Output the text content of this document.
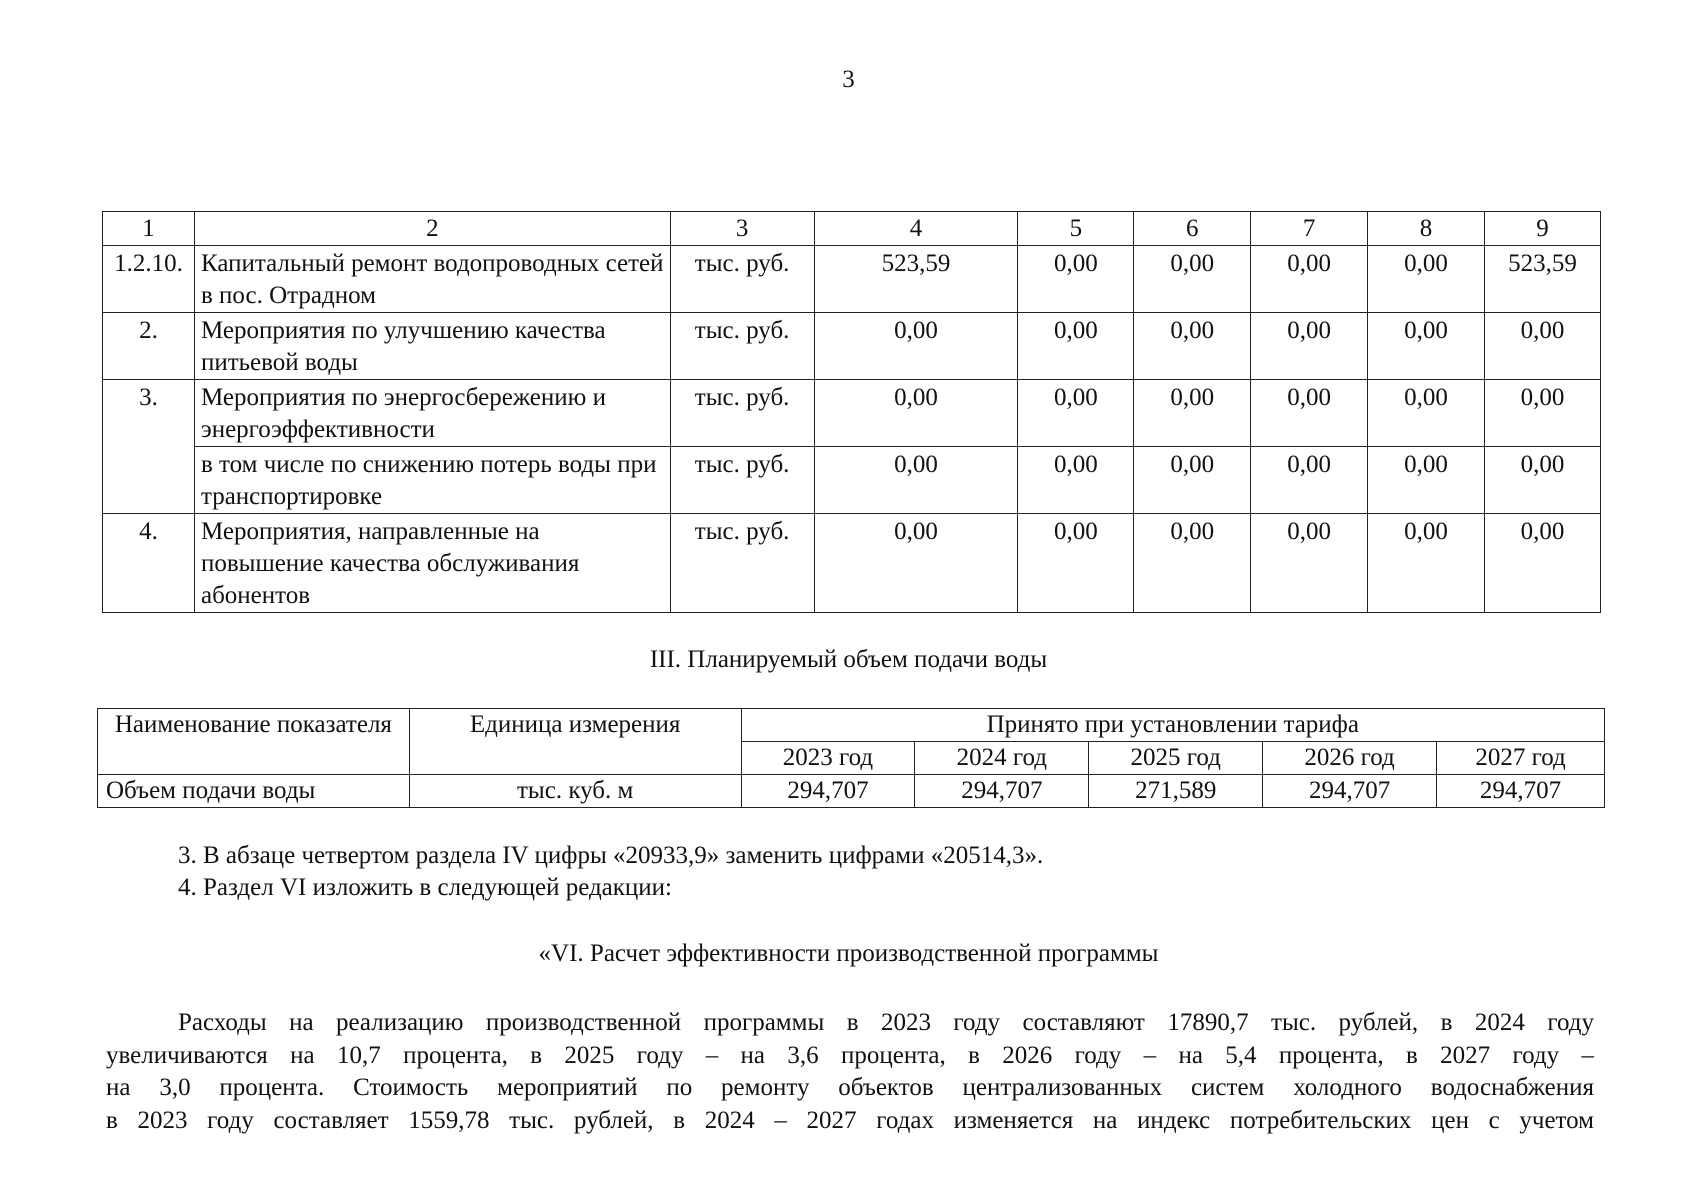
3
1	2	3	4	5	6	7	8	9
1.2.10.	Капитальный ремонт водопроводных сетей в пос. Отрадном	тыс. руб.	523,59	0,00	0,00	0,00	0,00	523,59
2.	Мероприятия по улучшению качества питьевой воды	тыс. руб.	0,00	0,00	0,00	0,00	0,00	0,00
3.	Мероприятия по энергосбережению и энергоэффективности	тыс. руб.	0,00	0,00	0,00	0,00	0,00	0,00
	в том числе по снижению потерь воды при транспортировке	тыс. руб.	0,00	0,00	0,00	0,00	0,00	0,00
4.	Мероприятия, направленные на повышение качества обслуживания абонентов	тыс. руб.	0,00	0,00	0,00	0,00	0,00	0,00
III. Планируемый объем подачи воды
Наименование показателя	Единица измерения	Принято при установлении тарифа				
		2023 год	2024 год	2025 год	2026 год	2027 год
Объем подачи воды	тыс. куб. м	294,707	294,707	271,589	294,707	294,707
3. В абзаце четвертом раздела IV цифры «20933,9» заменить цифрами «20514,3».
4. Раздел VI изложить в следующей редакции:
«VI. Расчет эффективности производственной программы
Расходы на реализацию производственной программы в 2023 году составляют 17890,7 тыс. рублей, в 2024 году
увеличиваются на 10,7 процента, в 2025 году – на 3,6 процента, в 2026 году – на 5,4 процента, в 2027 году –
на 3,0 процента. Стоимость мероприятий по ремонту объектов централизованных систем холодного водоснабжения
в 2023 году составляет 1559,78 тыс. рублей, в 2024 – 2027 годах изменяется на индекс потребительских цен с учетом
